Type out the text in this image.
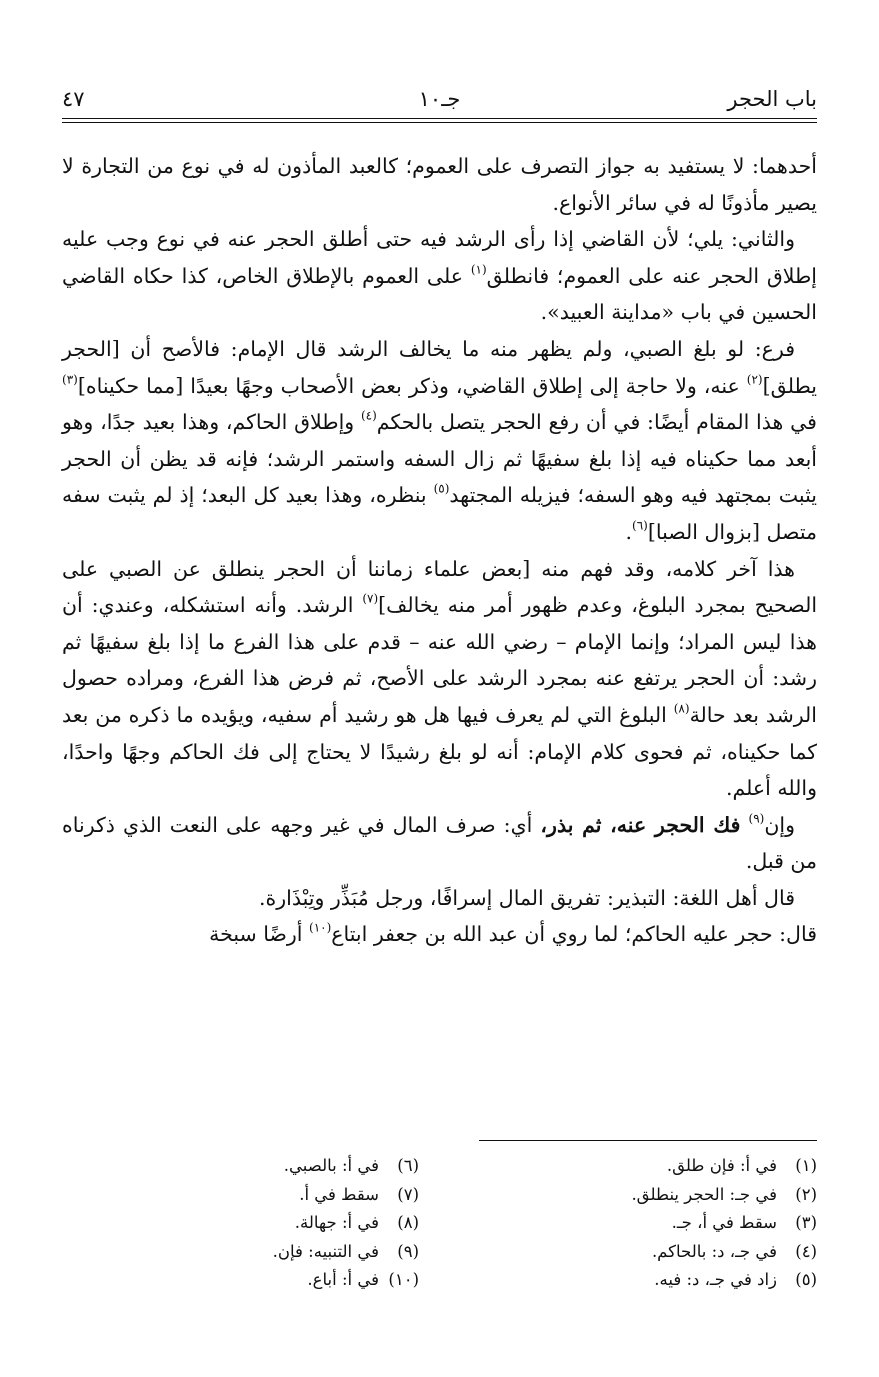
باب الحجر
جـ١٠
٤٧

أحدهما: لا يستفيد به جواز التصرف على العموم؛ كالعبد المأذون له في نوع من التجارة لا يصير مأذونًا له في سائر الأنواع.

والثاني: يلي؛ لأن القاضي إذا رأى الرشد فيه حتى أطلق الحجر عنه في نوع وجب عليه إطلاق الحجر عنه على العموم؛ فانطلق$^{(١)}$ على العموم بالإطلاق الخاص، كذا حكاه القاضي الحسين في باب «مداينة العبيد».

فرع: لو بلغ الصبي، ولم يظهر منه ما يخالف الرشد قال الإمام: فالأصح أن [الحجر يطلق]$^{(٢)}$ عنه، ولا حاجة إلى إطلاق القاضي، وذكر بعض الأصحاب وجهًا بعيدًا [مما حكيناه]$^{(٣)}$ في هذا المقام أيضًا: في أن رفع الحجر يتصل بالحكم$^{(٤)}$ وإطلاق الحاكم، وهذا بعيد جدًا، وهو أبعد مما حكيناه فيه إذا بلغ سفيهًا ثم زال السفه واستمر الرشد؛ فإنه قد يظن أن الحجر يثبت بمجتهد فيه وهو السفه؛ فيزيله المجتهد$^{(٥)}$ بنظره، وهذا بعيد كل البعد؛ إذ لم يثبت سفه متصل [بزوال الصبا]$^{(٦)}$.

هذا آخر كلامه، وقد فهم منه [بعض علماء زماننا أن الحجر ينطلق عن الصبي على الصحيح بمجرد البلوغ، وعدم ظهور أمر منه يخالف]$^{(٧)}$ الرشد. وأنه استشكله، وعندي: أن هذا ليس المراد؛ وإنما الإمام – رضي الله عنه – قدم على هذا الفرع ما إذا بلغ سفيهًا ثم رشد: أن الحجر يرتفع عنه بمجرد الرشد على الأصح، ثم فرض هذا الفرع، ومراده حصول الرشد بعد حالة$^{(٨)}$ البلوغ التي لم يعرف فيها هل هو رشيد أم سفيه، ويؤيده ما ذكره من بعد كما حكيناه، ثم فحوى كلام الإمام: أنه لو بلغ رشيدًا لا يحتاج إلى فك الحاكم وجهًا واحدًا، والله أعلم.

وإن$^{(٩)}$ فك الحجر عنه، ثم بذر، أي: صرف المال في غير وجهه على النعت الذي ذكرناه من قبل.

قال أهل اللغة: التبذير: تفريق المال إسرافًا، ورجل مُبَذِّر وتِبْذَارة.

قال: حجر عليه الحاكم؛ لما روي أن عبد الله بن جعفر ابتاع$^{(١٠)}$ أرضًا سبخة

(١)في أ: فإن طلق.
(٢)في جـ: الحجر ينطلق.
(٣)سقط في أ، جـ.
(٤)في جـ، د: بالحاكم.
(٥)زاد في جـ، د: فيه.
(٦)في أ: بالصبي.
(٧)سقط في أ.
(٨)في أ: جهالة.
(٩)في التنبيه: فإن.
(١٠)في أ: أباع.
